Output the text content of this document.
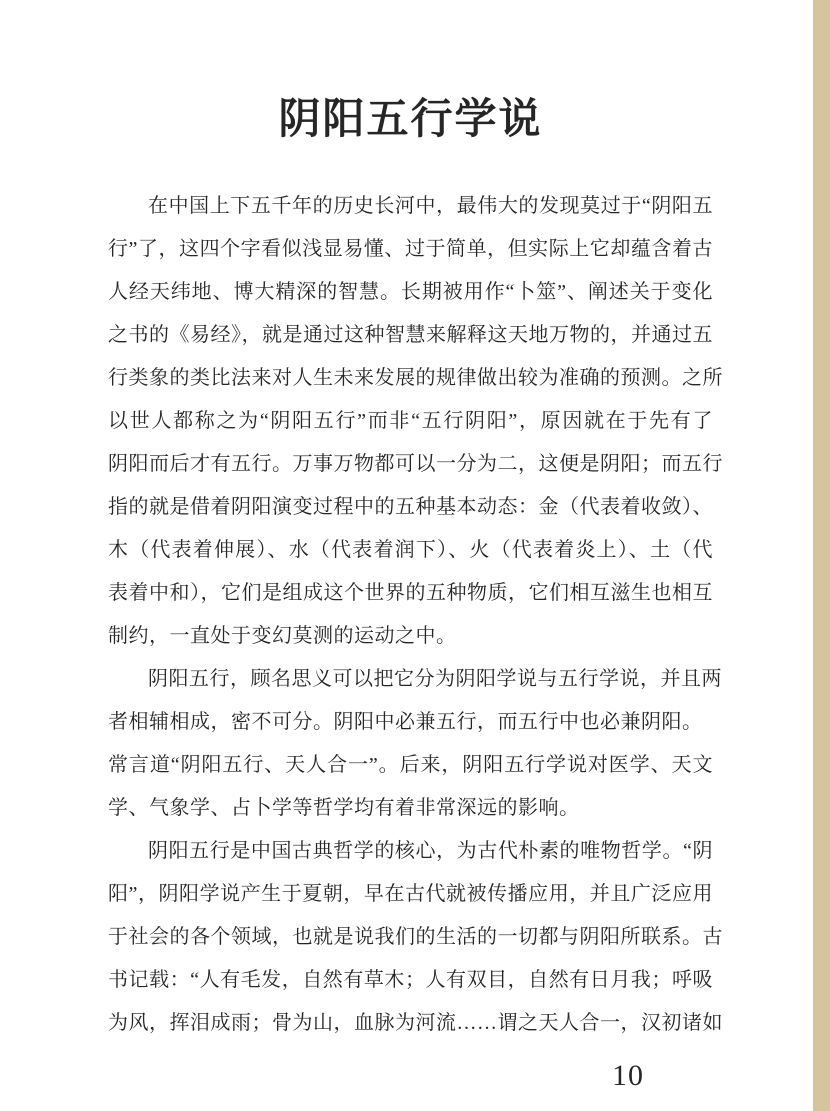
阴阳五行学说

在中国上下五千年的历史长河中，最伟大的发现莫过于“阴阳五

行”了，这四个字看似浅显易懂、过于简单，但实际上它却蕴含着古

人经天纬地、博大精深的智慧。长期被用作“卜筮”、阐述关于变化

之书的《易经》，就是通过这种智慧来解释这天地万物的，并通过五

行类象的类比法来对人生未来发展的规律做出较为准确的预测。之所

以世人都称之为“阴阳五行”而非“五行阴阳”，原因就在于先有了

阴阳而后才有五行。万事万物都可以一分为二，这便是阴阳；而五行

指的就是借着阴阳演变过程中的五种基本动态：金（代表着收敛）、

木（代表着伸展）、水（代表着润下）、火（代表着炎上）、土（代

表着中和），它们是组成这个世界的五种物质，它们相互滋生也相互

制约，一直处于变幻莫测的运动之中。

阴阳五行，顾名思义可以把它分为阴阳学说与五行学说，并且两

者相辅相成，密不可分。阴阳中必兼五行，而五行中也必兼阴阳。

常言道“阴阳五行、天人合一”。后来，阴阳五行学说对医学、天文

学、气象学、占卜学等哲学均有着非常深远的影响。

阴阳五行是中国古典哲学的核心，为古代朴素的唯物哲学。“阴

阳”，阴阳学说产生于夏朝，早在古代就被传播应用，并且广泛应用

于社会的各个领域，也就是说我们的生活的一切都与阴阳所联系。古

书记载：“人有毛发，自然有草木；人有双目，自然有日月我；呼吸

为风，挥泪成雨；骨为山，血脉为河流……谓之天人合一，汉初诸如

10
